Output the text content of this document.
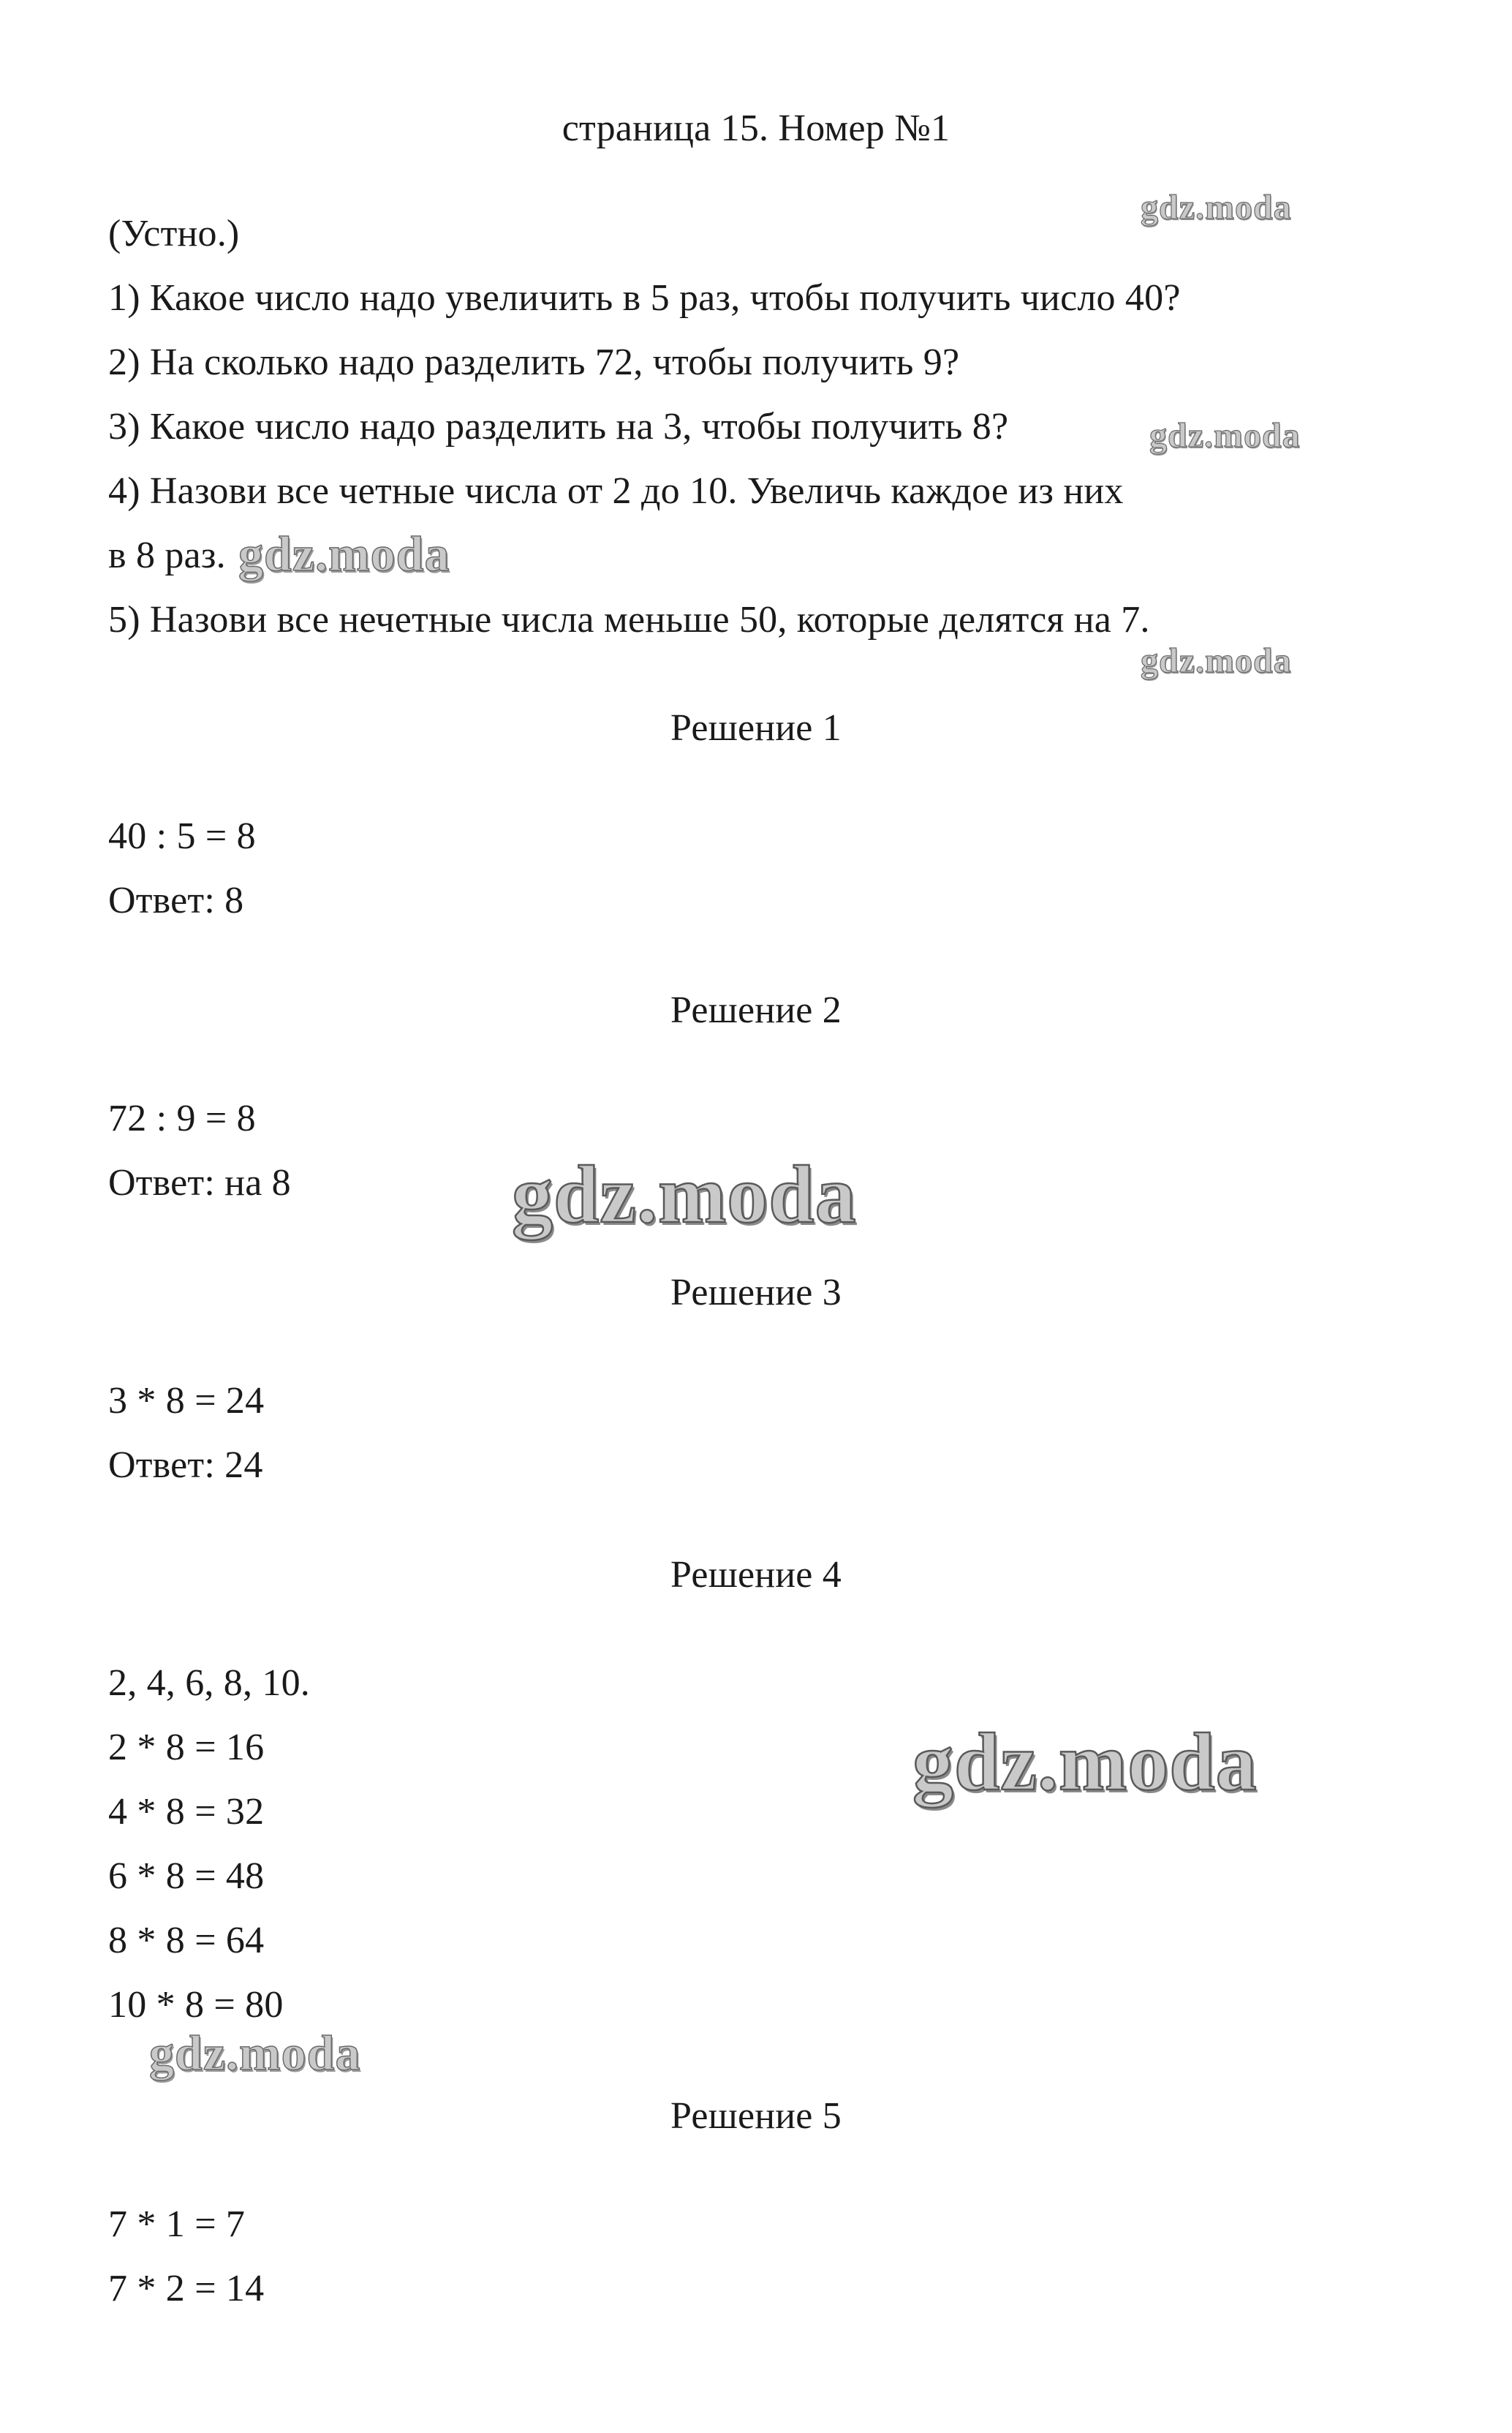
страница 15. Номер №1
(Устно.)
1) Какое число надо увеличить в 5 раз, чтобы получить число 40?
2) На сколько надо разделить 72, чтобы получить 9?
3) Какое число надо разделить на 3, чтобы получить 8?
4) Назови все четные числа от 2 до 10. Увеличь каждое из них
в 8 раз.
5) Назови все нечетные числа меньше 50, которые делятся на 7.
Решение 1
40 : 5 = 8
Ответ: 8
Решение 2
72 : 9 = 8
Ответ: на 8
Решение 3
3 * 8 = 24
Ответ: 24
Решение 4
2, 4, 6, 8, 10.
2 * 8 = 16
4 * 8 = 32
6 * 8 = 48
8 * 8 = 64
10 * 8 = 80
Решение 5
7 * 1 = 7
7 * 2 = 14
gdz.moda
gdz.moda
gdz.moda
gdz.moda
gdz.moda
gdz.moda
gdz.moda
